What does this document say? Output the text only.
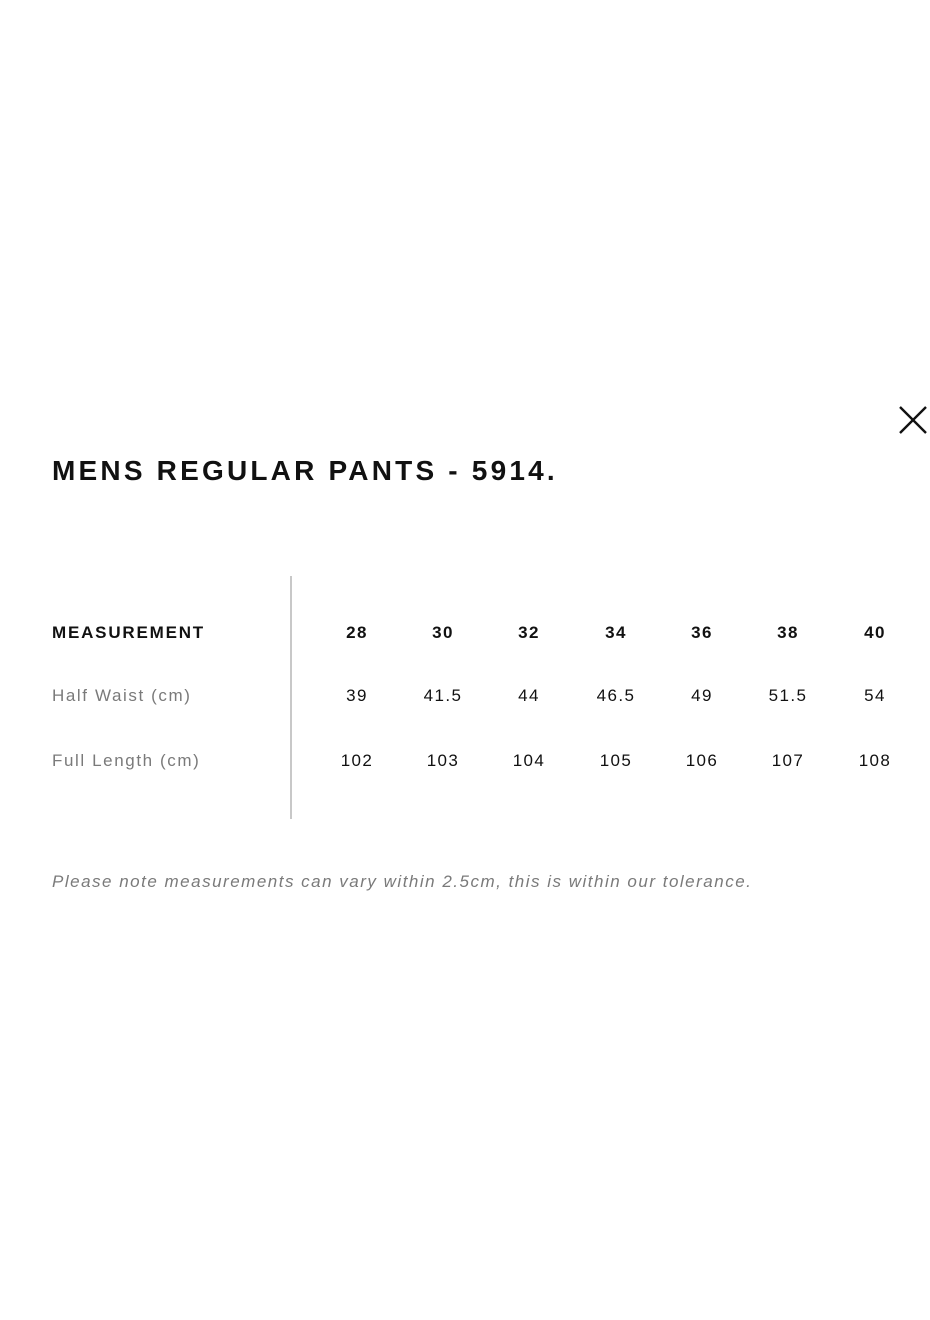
MENS REGULAR PANTS - 5914.
MEASUREMENT	28	30	32	34	36	38	40
Half Waist (cm)	39	41.5	44	46.5	49	51.5	54
Full Length (cm)	102	103	104	105	106	107	108

Please note measurements can vary within 2.5cm, this is within our tolerance.
